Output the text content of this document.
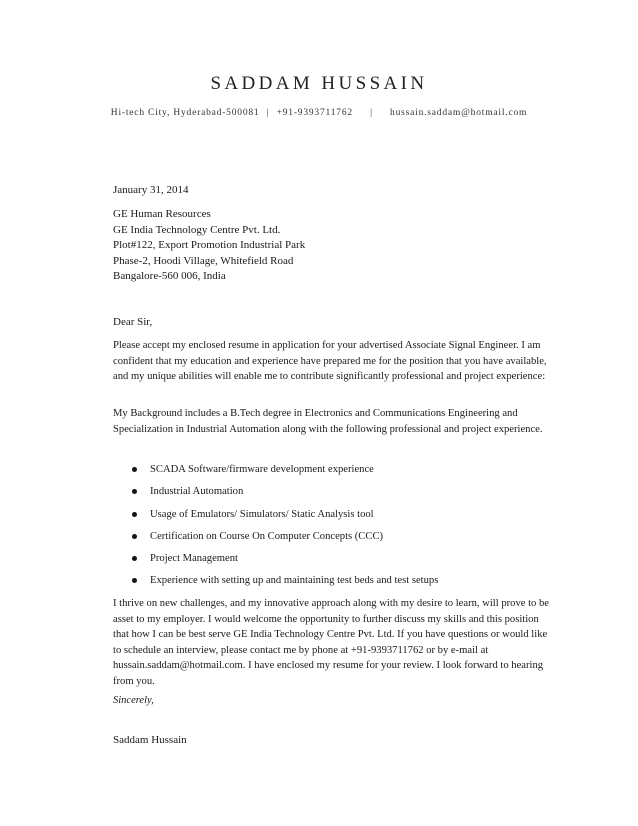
SADDAM HUSSAIN
Hi-tech City, Hyderabad-500081 | +91-9393711762 | hussain.saddam@hotmail.com
January 31, 2014
GE Human Resources
GE India Technology Centre Pvt. Ltd.
Plot#122, Export Promotion Industrial Park
Phase-2, Hoodi Village, Whitefield Road
Bangalore-560 006, India
Dear Sir,
Please accept my enclosed resume in application for your advertised Associate Signal Engineer. I am confident that my education and experience have prepared me for the position that you have available, and my unique abilities will enable me to contribute significantly professional and project experience:
My Background includes a B.Tech degree in Electronics and Communications Engineering and Specialization in Industrial Automation along with the following professional and project experience.
SCADA Software/firmware development experience
Industrial Automation
Usage of Emulators/ Simulators/ Static Analysis tool
Certification on Course On Computer Concepts (CCC)
Project Management
Experience with setting up and maintaining test beds and test setups
I thrive on new challenges, and my innovative approach along with my desire to learn, will prove to be asset to my employer. I would welcome the opportunity to further discuss my skills and this position that how I can be best serve GE India Technology Centre Pvt. Ltd. If you have questions or would like to schedule an interview, please contact me by phone at +91-9393711762 or by e-mail at hussain.saddam@hotmail.com. I have enclosed my resume for your review. I look forward to hearing from you.
Sincerely,
Saddam Hussain
